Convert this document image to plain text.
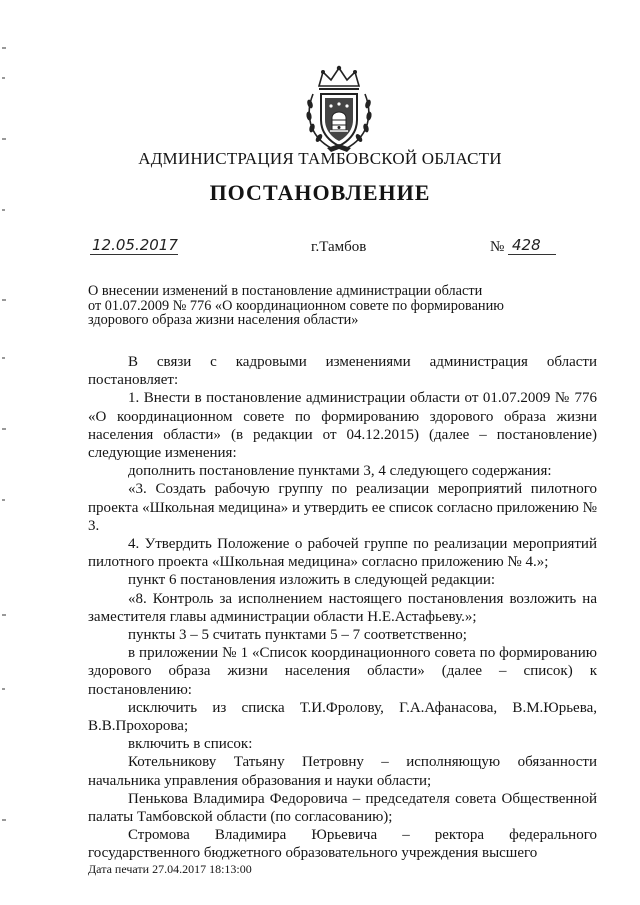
АДМИНИСТРАЦИЯ ТАМБОВСКОЙ ОБЛАСТИ
ПОСТАНОВЛЕНИЕ
12.05.2017	г.Тамбов	№ 428

О внесении изменений в постановление администрации области

от 01.07.2009 № 776 «О координационном совете по формированию

здорового образа жизни населения области»

В связи с кадровыми изменениями администрация области постановляет:

1. Внести в постановление администрации области от 01.07.2009 № 776 «О координационном совете по формированию здорового образа жизни населения области» (в редакции от 04.12.2015) (далее – постановление) следующие изменения:

дополнить постановление пунктами 3, 4 следующего содержания:

«3. Создать рабочую группу по реализации мероприятий пилотного проекта «Школьная медицина» и утвердить ее список согласно приложению № 3.

4. Утвердить Положение о рабочей группе по реализации мероприятий пилотного проекта «Школьная медицина» согласно приложению № 4.»;

пункт 6 постановления изложить в следующей редакции:

«8. Контроль за исполнением настоящего постановления возложить на заместителя главы администрации области Н.Е.Астафьеву.»;

пункты 3 – 5 считать пунктами 5 – 7 соответственно;

в приложении № 1 «Список координационного совета по формированию здорового образа жизни населения области» (далее – список) к постановлению:

исключить из списка Т.И.Фролову, Г.А.Афанасова, В.М.Юрьева, В.В.Прохорова;

включить в список:

Котельникову Татьяну Петровну – исполняющую обязанности начальника управления образования и науки области;

Пенькова Владимира Федоровича – председателя совета Общественной палаты Тамбовской области (по согласованию);

Стромова Владимира Юрьевича – ректора федерального государственного бюджетного образовательного учреждения высшего

Дата печати 27.04.2017 18:13:00
